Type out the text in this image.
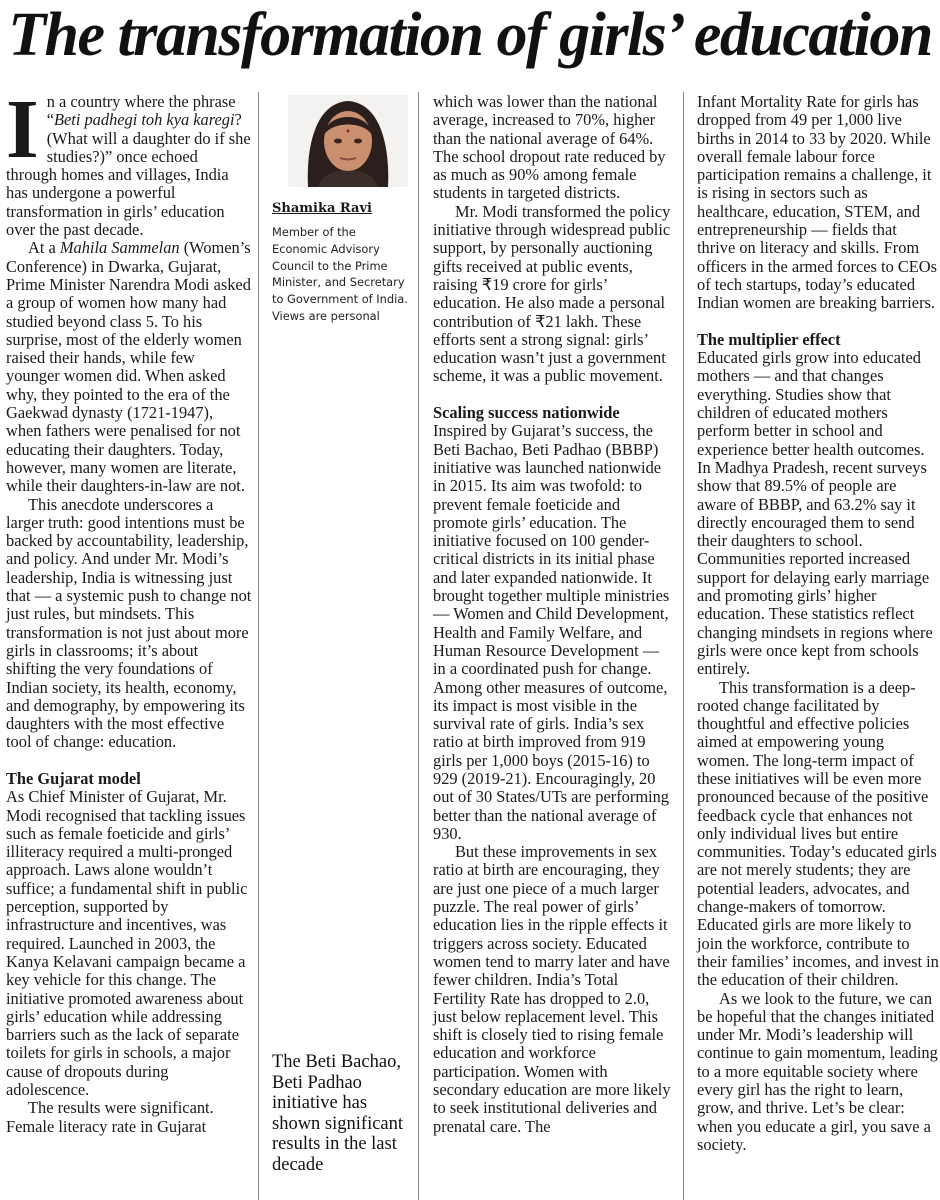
The transformation of girls’ education

In a country where the phrase “Beti padhegi toh kya karegi? (What will a daughter do if she studies?)” once echoed through homes and villages, India has undergone a powerful transformation in girls’ education over the past decade.

At a Mahila Sammelan (Women’s Conference) in Dwarka, Gujarat, Prime Minister Narendra Modi asked a group of women how many had studied beyond class 5. To his surprise, most of the elderly women raised their hands, while few younger women did. When asked why, they pointed to the era of the Gaekwad dynasty (1721-1947), when fathers were penalised for not educating their daughters. Today, however, many women are literate, while their daughters-in-law are not.

This anecdote underscores a larger truth: good intentions must be backed by accountability, leadership, and policy. And under Mr. Modi’s leadership, India is witnessing just that — a systemic push to change not just rules, but mindsets. This transformation is not just about more girls in classrooms; it’s about shifting the very foundations of Indian society, its health, economy, and demography, by empowering its daughters with the most effective tool of change: education.

The Gujarat model

As Chief Minister of Gujarat, Mr. Modi recognised that tackling issues such as female foeticide and girls’ illiteracy required a multi-pronged approach. Laws alone wouldn’t suffice; a fundamental shift in public perception, supported by infrastructure and incentives, was required. Launched in 2003, the Kanya Kelavani campaign became a key vehicle for this change. The initiative promoted awareness about girls’ education while addressing barriers such as the lack of separate toilets for girls in schools, a major cause of dropouts during adolescence.

The results were significant. Female literacy rate in Gujarat

Shamika Ravi
Member of the Economic Advisory Council to the Prime Minister, and Secretary to Government of India. Views are personal
The Beti Bachao, Beti Padhao initiative has shown significant results in the last decade

which was lower than the national average, increased to 70%, higher than the national average of 64%. The school dropout rate reduced by as much as 90% among female students in targeted districts.

Mr. Modi transformed the policy initiative through widespread public support, by personally auctioning gifts received at public events, raising ₹19 crore for girls’ education. He also made a personal contribution of ₹21 lakh. These efforts sent a strong signal: girls’ education wasn’t just a government scheme, it was a public movement.

Scaling success nationwide

Inspired by Gujarat’s success, the Beti Bachao, Beti Padhao (BBBP) initiative was launched nationwide in 2015. Its aim was twofold: to prevent female foeticide and promote girls’ education. The initiative focused on 100 gender-critical districts in its initial phase and later expanded nationwide. It brought together multiple ministries — Women and Child Development, Health and Family Welfare, and Human Resource Development — in a coordinated push for change. Among other measures of outcome, its impact is most visible in the survival rate of girls. India’s sex ratio at birth improved from 919 girls per 1,000 boys (2015-16) to 929 (2019-21). Encouragingly, 20 out of 30 States/UTs are performing better than the national average of 930.

But these improvements in sex ratio at birth are encouraging, they are just one piece of a much larger puzzle. The real power of girls’ education lies in the ripple effects it triggers across society. Educated women tend to marry later and have fewer children. India’s Total Fertility Rate has dropped to 2.0, just below replacement level. This shift is closely tied to rising female education and workforce participation. Women with secondary education are more likely to seek institutional deliveries and prenatal care. The

Infant Mortality Rate for girls has dropped from 49 per 1,000 live births in 2014 to 33 by 2020. While overall female labour force participation remains a challenge, it is rising in sectors such as healthcare, education, STEM, and entrepreneurship — fields that thrive on literacy and skills. From officers in the armed forces to CEOs of tech startups, today’s educated Indian women are breaking barriers.

The multiplier effect

Educated girls grow into educated mothers — and that changes everything. Studies show that children of educated mothers perform better in school and experience better health outcomes. In Madhya Pradesh, recent surveys show that 89.5% of people are aware of BBBP, and 63.2% say it directly encouraged them to send their daughters to school. Communities reported increased support for delaying early marriage and promoting girls’ higher education. These statistics reflect changing mindsets in regions where girls were once kept from schools entirely.

This transformation is a deep-rooted change facilitated by thoughtful and effective policies aimed at empowering young women. The long-term impact of these initiatives will be even more pronounced because of the positive feedback cycle that enhances not only individual lives but entire communities. Today’s educated girls are not merely students; they are potential leaders, advocates, and change-makers of tomorrow. Educated girls are more likely to join the workforce, contribute to their families’ incomes, and invest in the education of their children.

As we look to the future, we can be hopeful that the changes initiated under Mr. Modi’s leadership will continue to gain momentum, leading to a more equitable society where every girl has the right to learn, grow, and thrive. Let’s be clear: when you educate a girl, you save a society.
